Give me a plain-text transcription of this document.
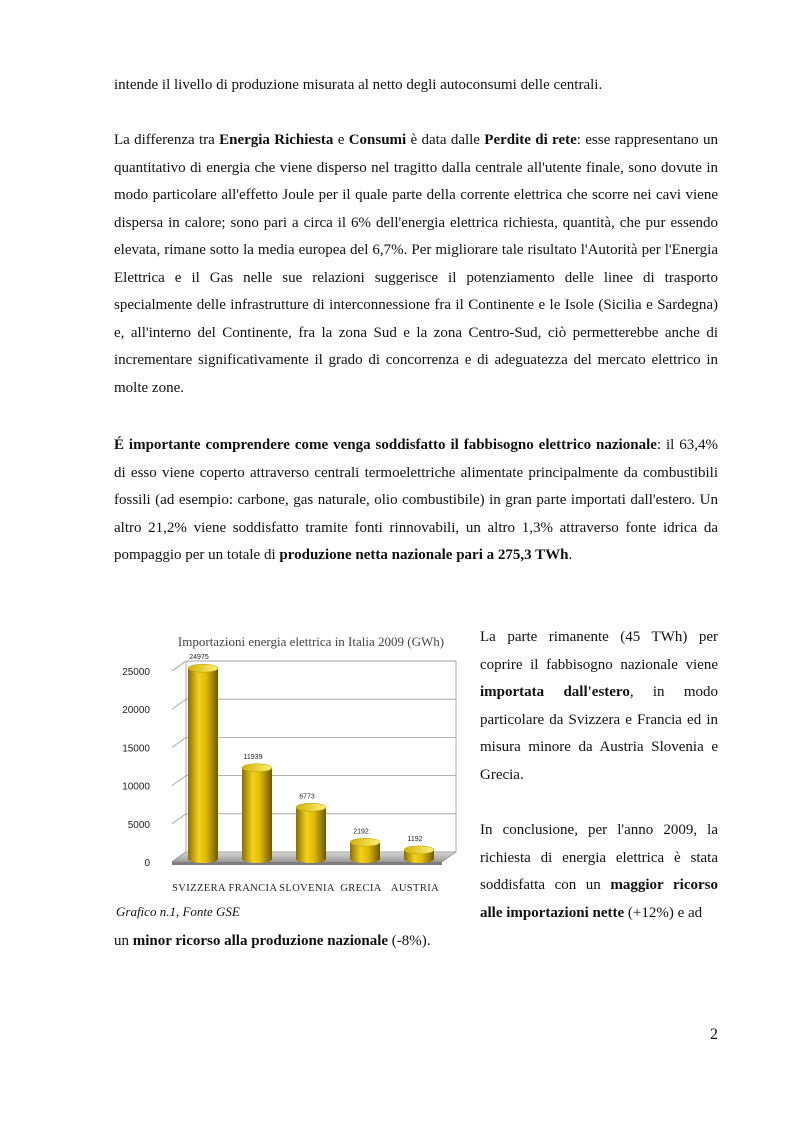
intende il livello di produzione misurata al netto degli autoconsumi delle centrali.

La differenza tra Energia Richiesta e Consumi è data dalle Perdite di rete: esse rappresentano un quantitativo di energia che viene disperso nel tragitto dalla centrale all'utente finale, sono dovute in modo particolare all'effetto Joule per il quale parte della corrente elettrica che scorre nei cavi viene dispersa in calore; sono pari a circa il 6% dell'energia elettrica richiesta, quantità, che pur essendo elevata, rimane sotto la media europea del 6,7%. Per migliorare tale risultato l'Autorità per l'Energia Elettrica e il Gas nelle sue relazioni suggerisce il potenziamento delle linee di trasporto specialmente delle infrastrutture di interconnessione fra il Continente e le Isole (Sicilia e Sardegna) e, all'interno del Continente, fra la zona Sud e la zona Centro-Sud, ciò permetterebbe anche di incrementare significativamente il grado di concorrenza e di adeguatezza del mercato elettrico in molte zone.

É importante comprendere come venga soddisfatto il fabbisogno elettrico nazionale: il 63,4% di esso viene coperto attraverso centrali termoelettriche alimentate principalmente da combustibili fossili (ad esempio: carbone, gas naturale, olio combustibile) in gran parte importati dall'estero. Un altro 21,2% viene soddisfatto tramite fonti rinnovabili, un altro 1,3% attraverso fonte idrica da pompaggio per un totale di produzione netta nazionale pari a 275,3 TWh.

Importazioni energia elettrica in Italia 2009 (GWh)
0
5000
10000
15000
20000
25000
24975
11939
6773
2192
1192
SVIZZERA FRANCIA SLOVENIA GRECIA AUSTRIA

Grafico n.1, Fonte GSE

La parte rimanente (45 TWh) per coprire il fabbisogno nazionale viene importata dall'estero, in modo particolare da Svizzera e Francia ed in misura minore da Austria Slovenia e Grecia.

In conclusione, per l'anno 2009, la richiesta di energia elettrica è stata soddisfatta con un maggior ricorso alle importazioni nette (+12%) e ad

un minor ricorso alla produzione nazionale (-8%).

2
